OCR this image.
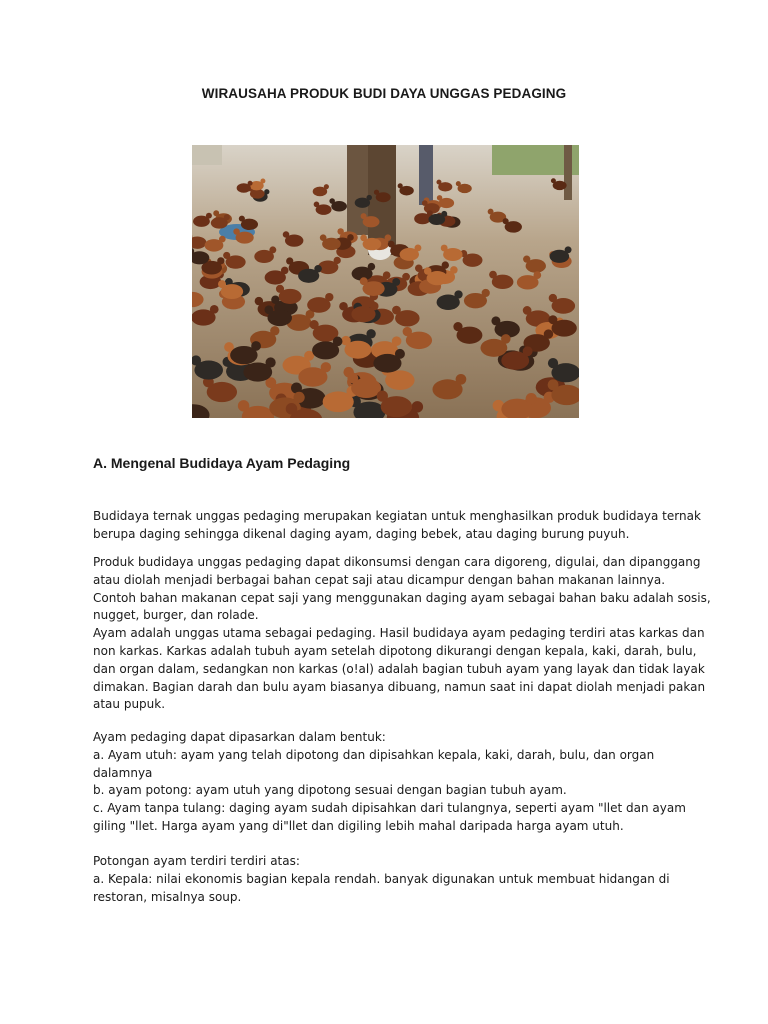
WIRAUSAHA PRODUK BUDI DAYA UNGGAS PEDAGING
A. Mengenal Budidaya Ayam Pedaging

Budidaya ternak unggas pedaging merupakan kegiatan untuk menghasilkan produk budidaya ternak
berupa daging sehingga dikenal daging ayam, daging bebek, atau daging burung puyuh.

Produk budidaya unggas pedaging dapat dikonsumsi dengan cara digoreng, digulai, dan dipanggang
atau diolah menjadi berbagai bahan cepat saji atau dicampur dengan bahan makanan lainnya.
Contoh bahan makanan cepat saji yang menggunakan daging ayam sebagai bahan baku adalah sosis,
nugget, burger, dan rolade.
Ayam adalah unggas utama sebagai pedaging. Hasil budidaya ayam pedaging terdiri atas karkas dan
non karkas. Karkas adalah tubuh ayam setelah dipotong dikurangi dengan kepala, kaki, darah, bulu,
dan organ dalam, sedangkan non karkas (o!al) adalah bagian tubuh ayam yang layak dan tidak layak
dimakan. Bagian darah dan bulu ayam biasanya dibuang, namun saat ini dapat diolah menjadi pakan
atau pupuk.

Ayam pedaging dapat dipasarkan dalam bentuk:
a. Ayam utuh: ayam yang telah dipotong dan dipisahkan kepala, kaki, darah, bulu, dan organ
dalamnya
b. ayam potong: ayam utuh yang dipotong sesuai dengan bagian tubuh ayam.
c. Ayam tanpa tulang: daging ayam sudah dipisahkan dari tulangnya, seperti ayam "llet dan ayam
giling "llet. Harga ayam yang di"llet dan digiling lebih mahal daripada harga ayam utuh.

Potongan ayam terdiri terdiri atas:
a. Kepala: nilai ekonomis bagian kepala rendah. banyak digunakan untuk membuat hidangan di
restoran, misalnya soup.
